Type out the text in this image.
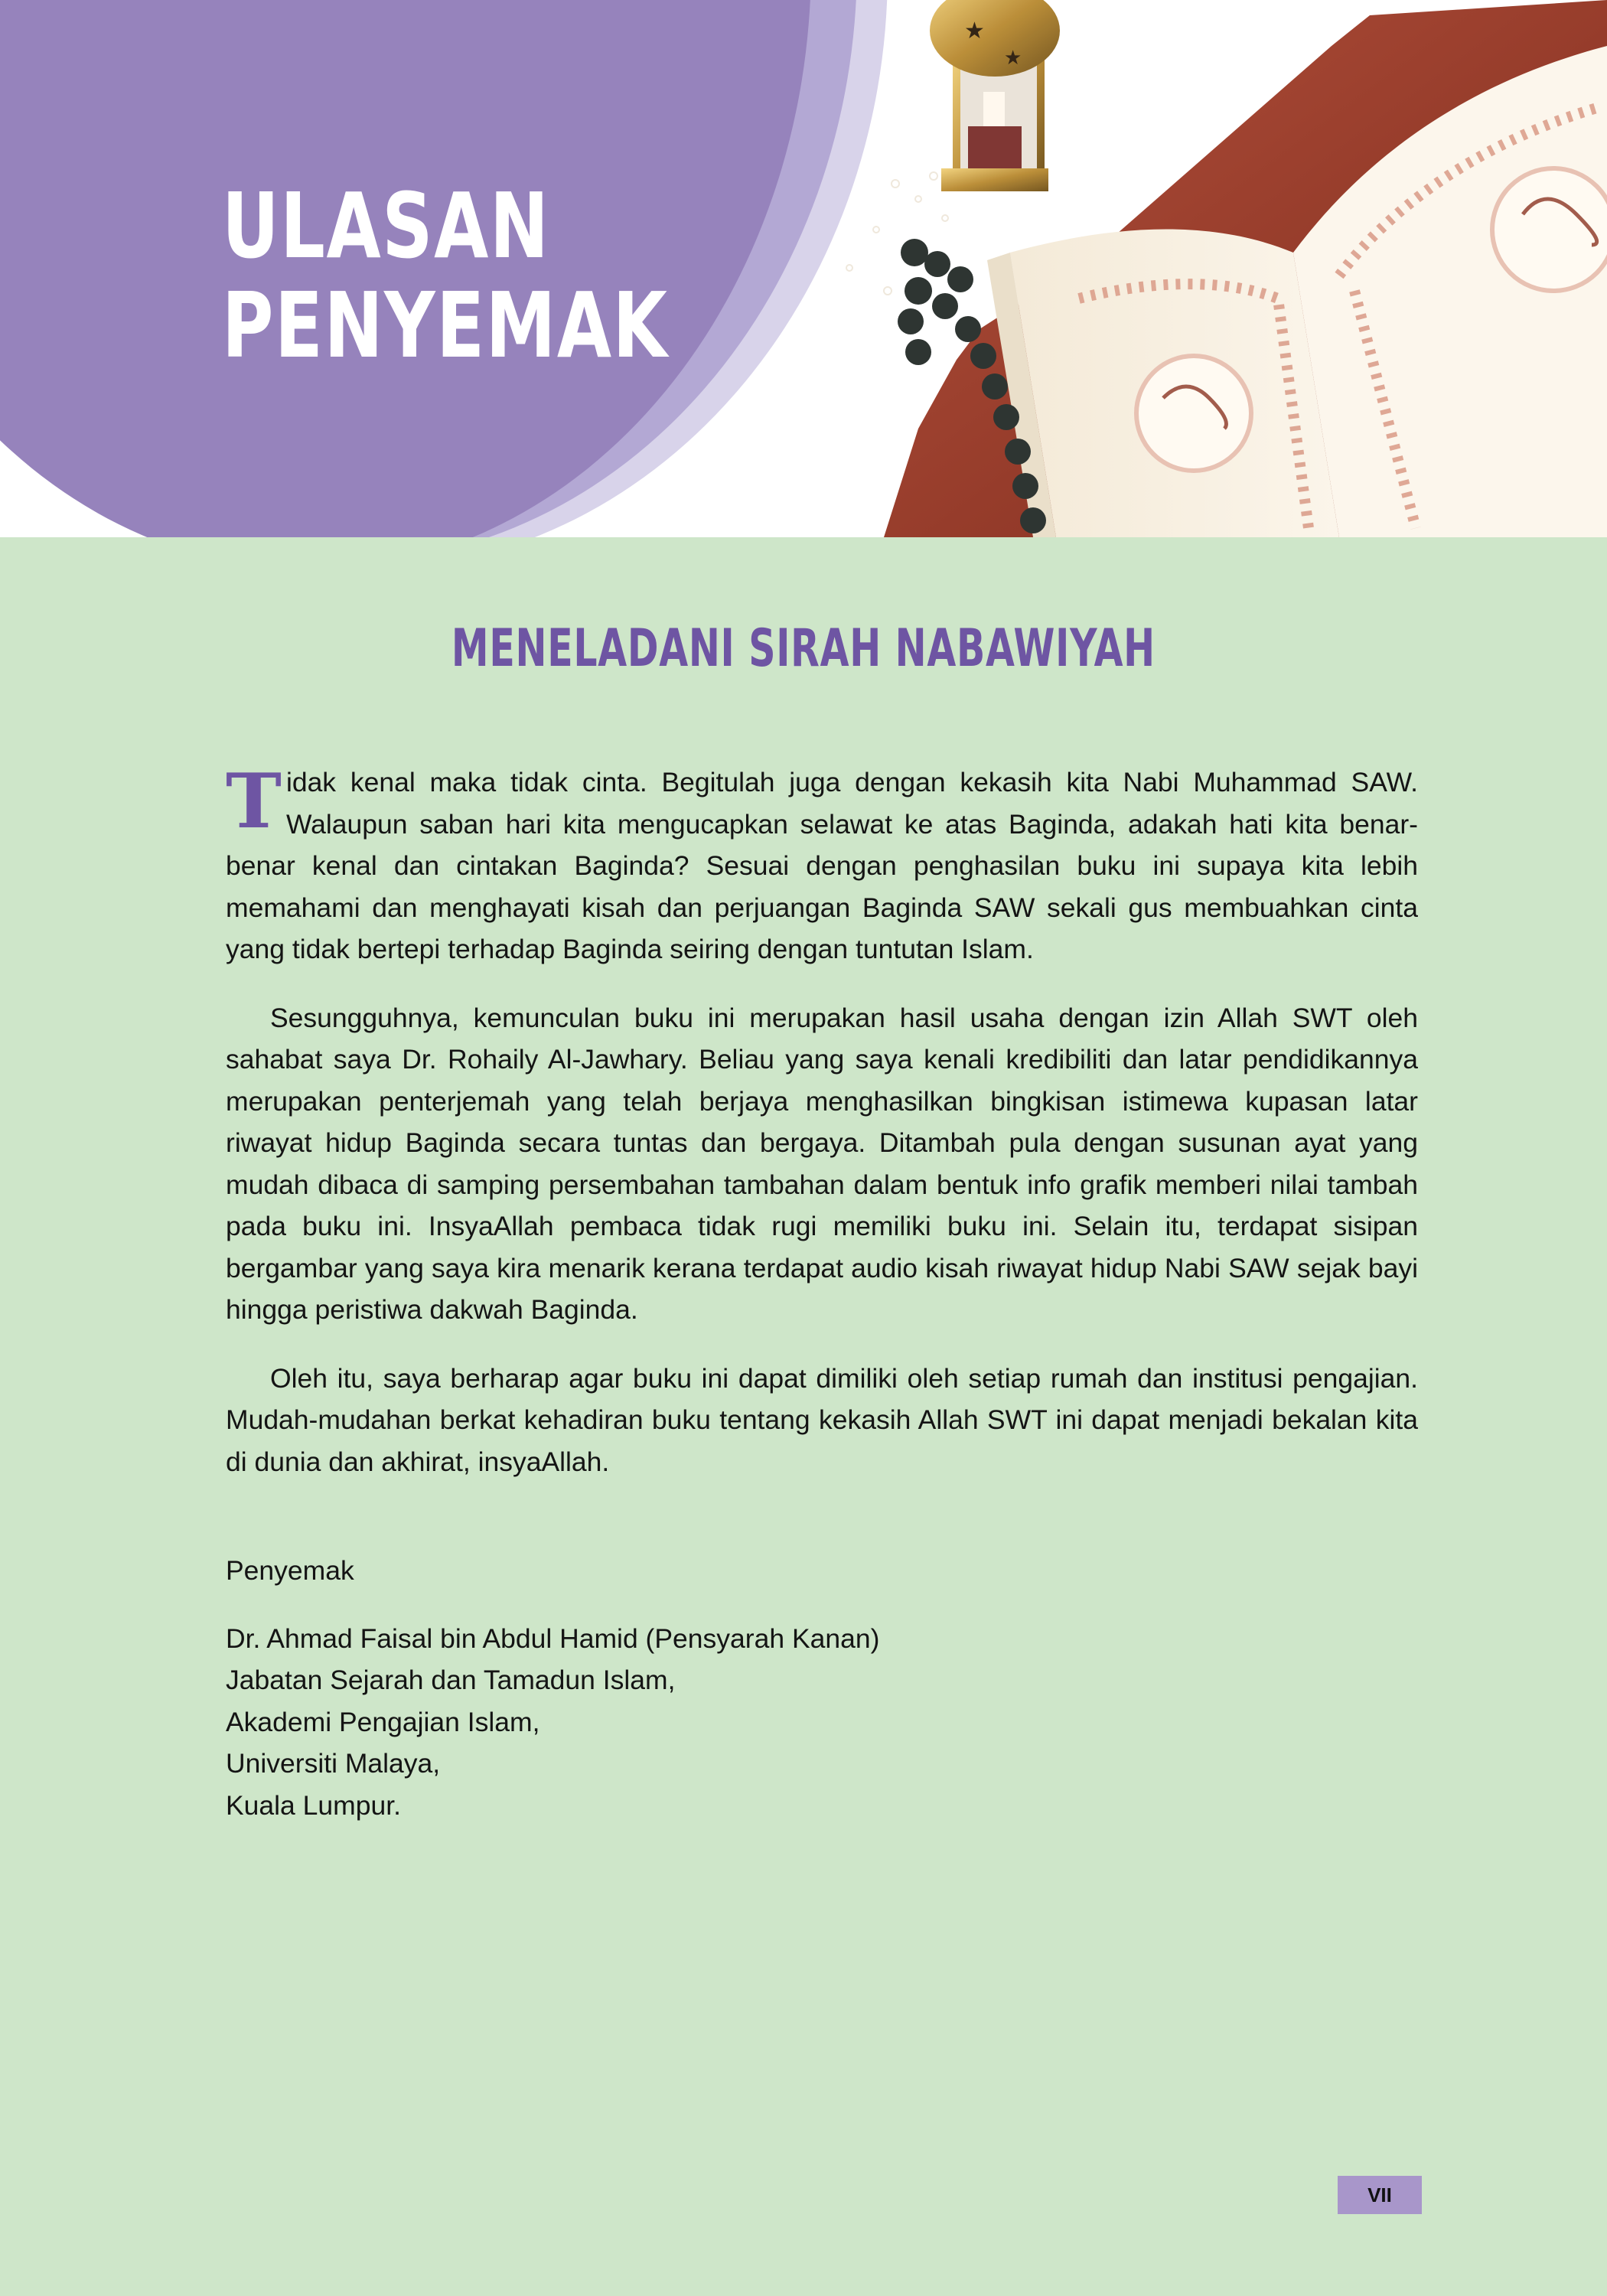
★
★
ULASAN
PENYEMAK
MENELADANI SIRAH NABAWIYAH

T idak kenal maka tidak cinta. Begitulah juga dengan kekasih kita Nabi Muhammad SAW. Walaupun saban hari kita mengucapkan selawat ke atas Baginda, adakah hati kita benar-benar kenal dan cintakan Baginda? Sesuai dengan penghasilan buku ini supaya kita lebih memahami dan menghayati kisah dan perjuangan Baginda SAW sekali gus membuahkan cinta yang tidak bertepi terhadap Baginda seiring dengan tuntutan Islam.

Sesungguhnya, kemunculan buku ini merupakan hasil usaha dengan izin Allah SWT oleh sahabat saya Dr. Rohaily Al-Jawhary. Beliau yang saya kenali kredibiliti dan latar pendidikannya merupakan penterjemah yang telah berjaya menghasilkan bingkisan istimewa kupasan latar riwayat hidup Baginda secara tuntas dan bergaya. Ditambah pula dengan susunan ayat yang mudah dibaca di samping persembahan tambahan dalam bentuk info grafik memberi nilai tambah pada buku ini. InsyaAllah pembaca tidak rugi memiliki buku ini. Selain itu, terdapat sisipan bergambar yang saya kira menarik kerana terdapat audio kisah riwayat hidup Nabi SAW sejak bayi hingga peristiwa dakwah Baginda.

Oleh itu, saya berharap agar buku ini dapat dimiliki oleh setiap rumah dan institusi pengajian. Mudah-mudahan berkat kehadiran buku tentang kekasih Allah SWT ini dapat menjadi bekalan kita di dunia dan akhirat, insyaAllah.

Penyemak
Dr. Ahmad Faisal bin Abdul Hamid (Pensyarah Kanan)
Jabatan Sejarah dan Tamadun Islam,
Akademi Pengajian Islam,
Universiti Malaya,
Kuala Lumpur.
VII
